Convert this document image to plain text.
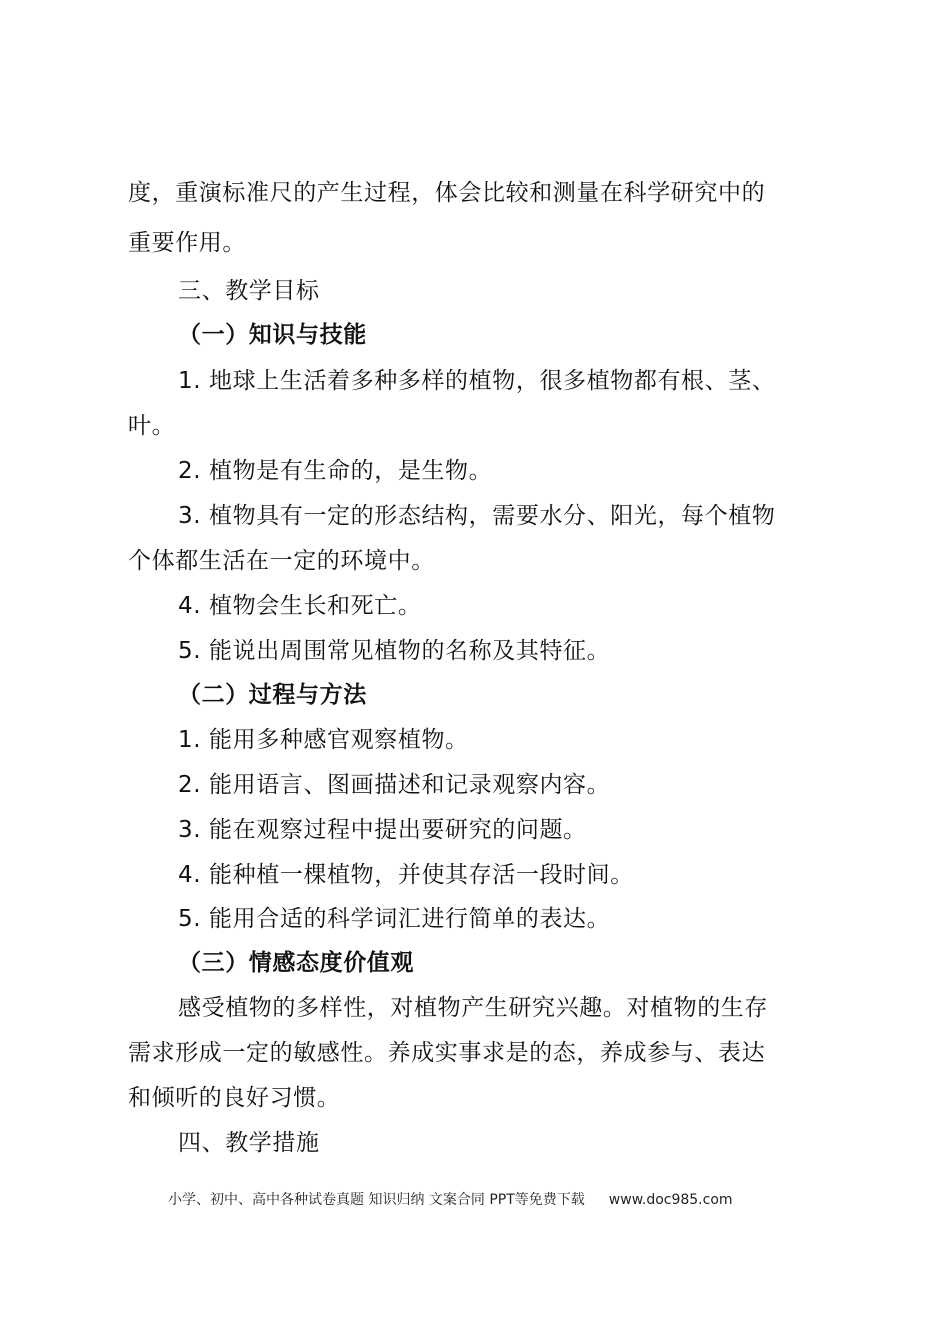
度，重演标准尺的产生过程，体会比较和测量在科学研究中的
重要作用。
三、教学目标
（一）知识与技能
1. 地球上生活着多种多样的植物，很多植物都有根、茎、
叶。
2. 植物是有生命的，是生物。
3. 植物具有一定的形态结构，需要水分、阳光，每个植物
个体都生活在一定的环境中。
4. 植物会生长和死亡。
5. 能说出周围常见植物的名称及其特征。
（二）过程与方法
1. 能用多种感官观察植物。
2. 能用语言、图画描述和记录观察内容。
3. 能在观察过程中提出要研究的问题。
4. 能种植一棵植物，并使其存活一段时间。
5. 能用合适的科学词汇进行简单的表达。
（三）情感态度价值观
感受植物的多样性，对植物产生研究兴趣。对植物的生存
需求形成一定的敏感性。养成实事求是的态，养成参与、表达
和倾听的良好习惯。
四、教学措施
小学、初中、高中各种试卷真题 知识归纳 文案合同 PPT等免费下载 www.doc985.com
